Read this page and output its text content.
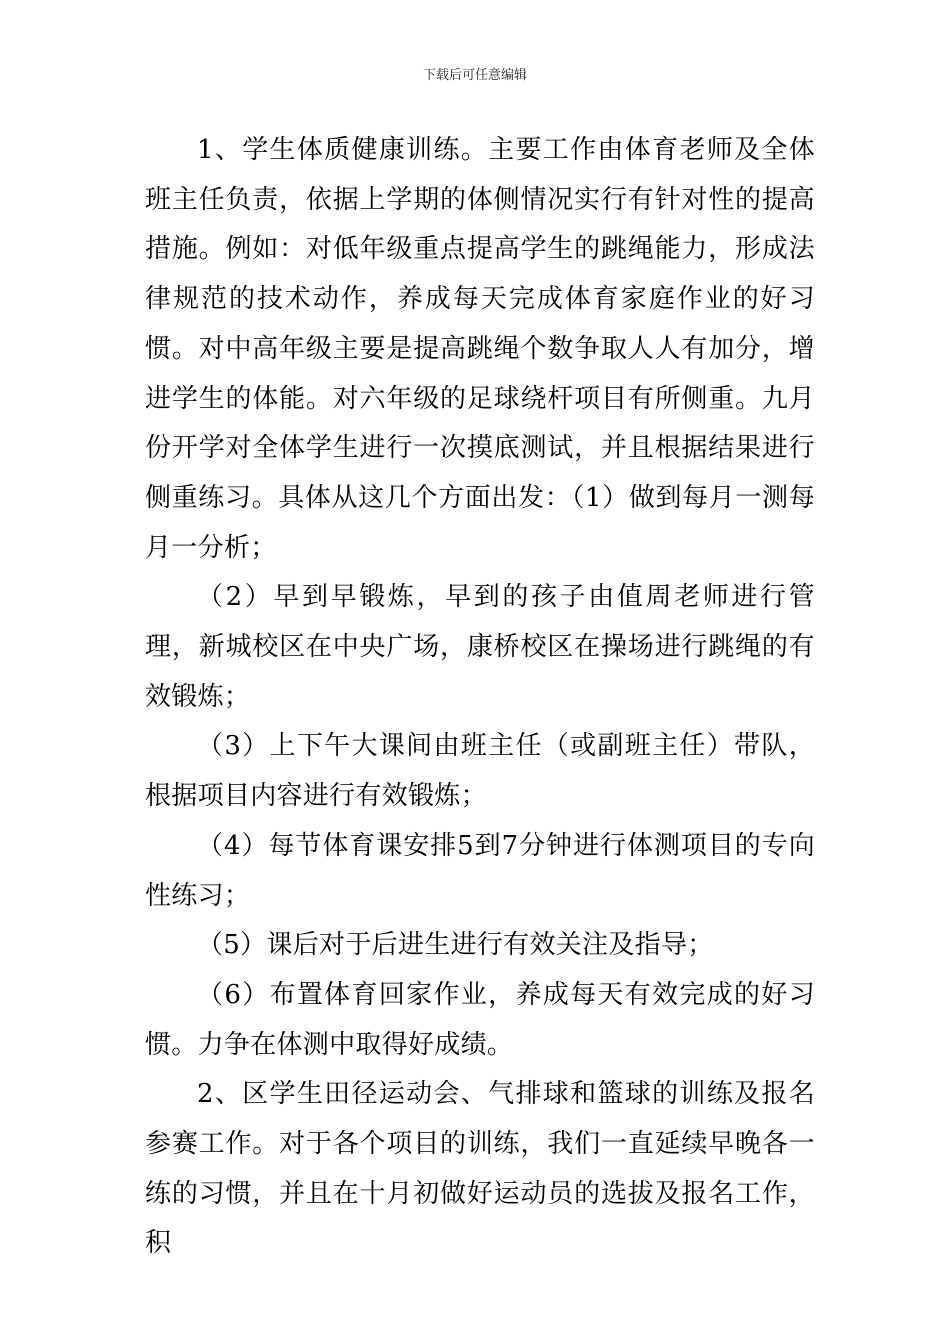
下载后可任意编辑

1、学生体质健康训练。主要工作由体育老师及全体班主任负责，依据上学期的体侧情况实行有针对性的提高措施。例如：对低年级重点提高学生的跳绳能力，形成法律规范的技术动作，养成每天完成体育家庭作业的好习惯。对中高年级主要是提高跳绳个数争取人人有加分，增进学生的体能。对六年级的足球绕杆项目有所侧重。九月份开学对全体学生进行一次摸底测试，并且根据结果进行侧重练习。具体从这几个方面出发：（1）做到每月一测每月一分析；

（2）早到早锻炼，早到的孩子由值周老师进行管理，新城校区在中央广场，康桥校区在操场进行跳绳的有效锻炼；

（3）上下午大课间由班主任（或副班主任）带队，根据项目内容进行有效锻炼；

（4）每节体育课安排5到7分钟进行体测项目的专向性练习；

（5）课后对于后进生进行有效关注及指导；

（6）布置体育回家作业，养成每天有效完成的好习惯。力争在体测中取得好成绩。

2、区学生田径运动会、气排球和篮球的训练及报名参赛工作。对于各个项目的训练，我们一直延续早晚各一练的习惯，并且在十月初做好运动员的选拔及报名工作，积
